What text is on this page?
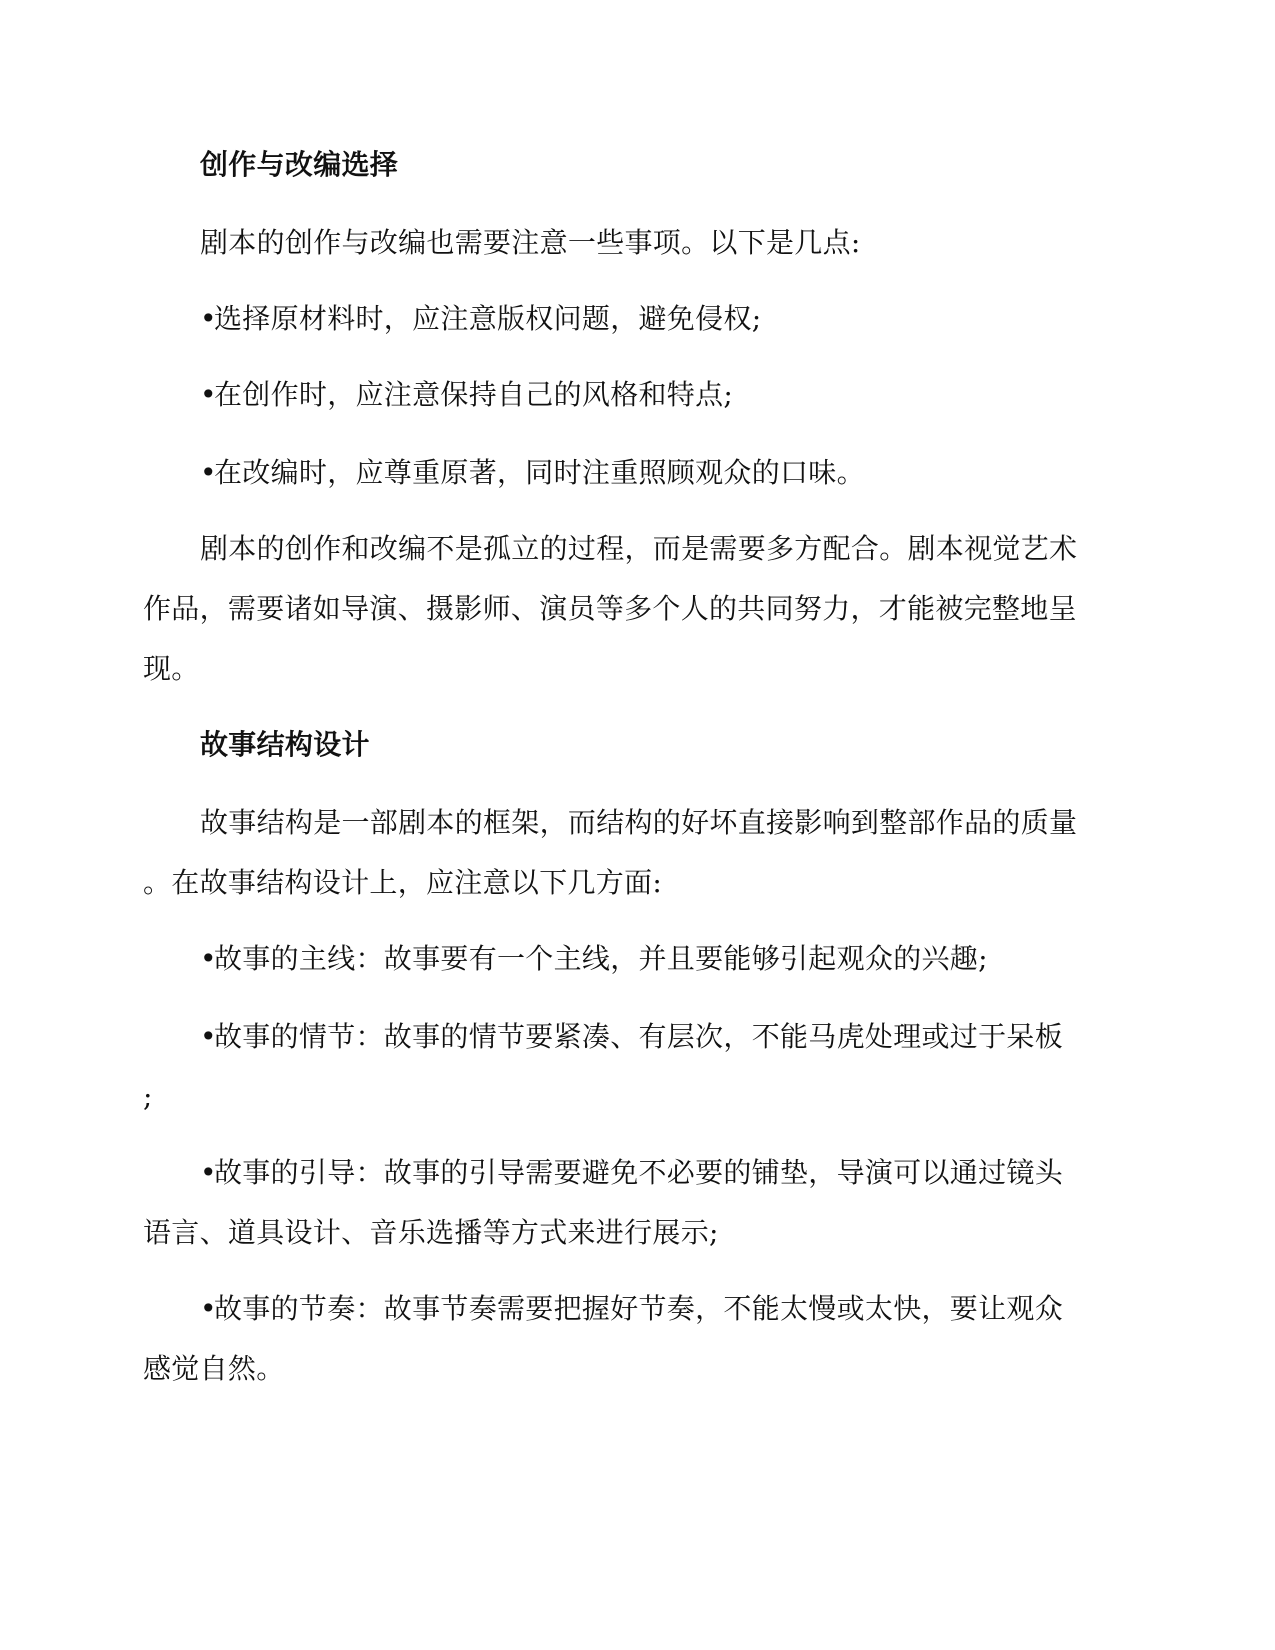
创作与改编选择
剧本的创作与改编也需要注意一些事项。以下是几点:
•选择原材料时，应注意版权问题，避免侵权;
•在创作时，应注意保持自己的风格和特点;
•在改编时，应尊重原著，同时注重照顾观众的口味。
剧本的创作和改编不是孤立的过程，而是需要多方配合。剧本视觉艺术
作品，需要诸如导演、摄影师、演员等多个人的共同努力，才能被完整地呈
现。
故事结构设计
故事结构是一部剧本的框架，而结构的好坏直接影响到整部作品的质量
。在故事结构设计上，应注意以下几方面:
•故事的主线：故事要有一个主线，并且要能够引起观众的兴趣;
•故事的情节：故事的情节要紧凑、有层次，不能马虎处理或过于呆板
;
•故事的引导：故事的引导需要避免不必要的铺垫，导演可以通过镜头
语言、道具设计、音乐选播等方式来进行展示;
•故事的节奏：故事节奏需要把握好节奏，不能太慢或太快，要让观众
感觉自然。
